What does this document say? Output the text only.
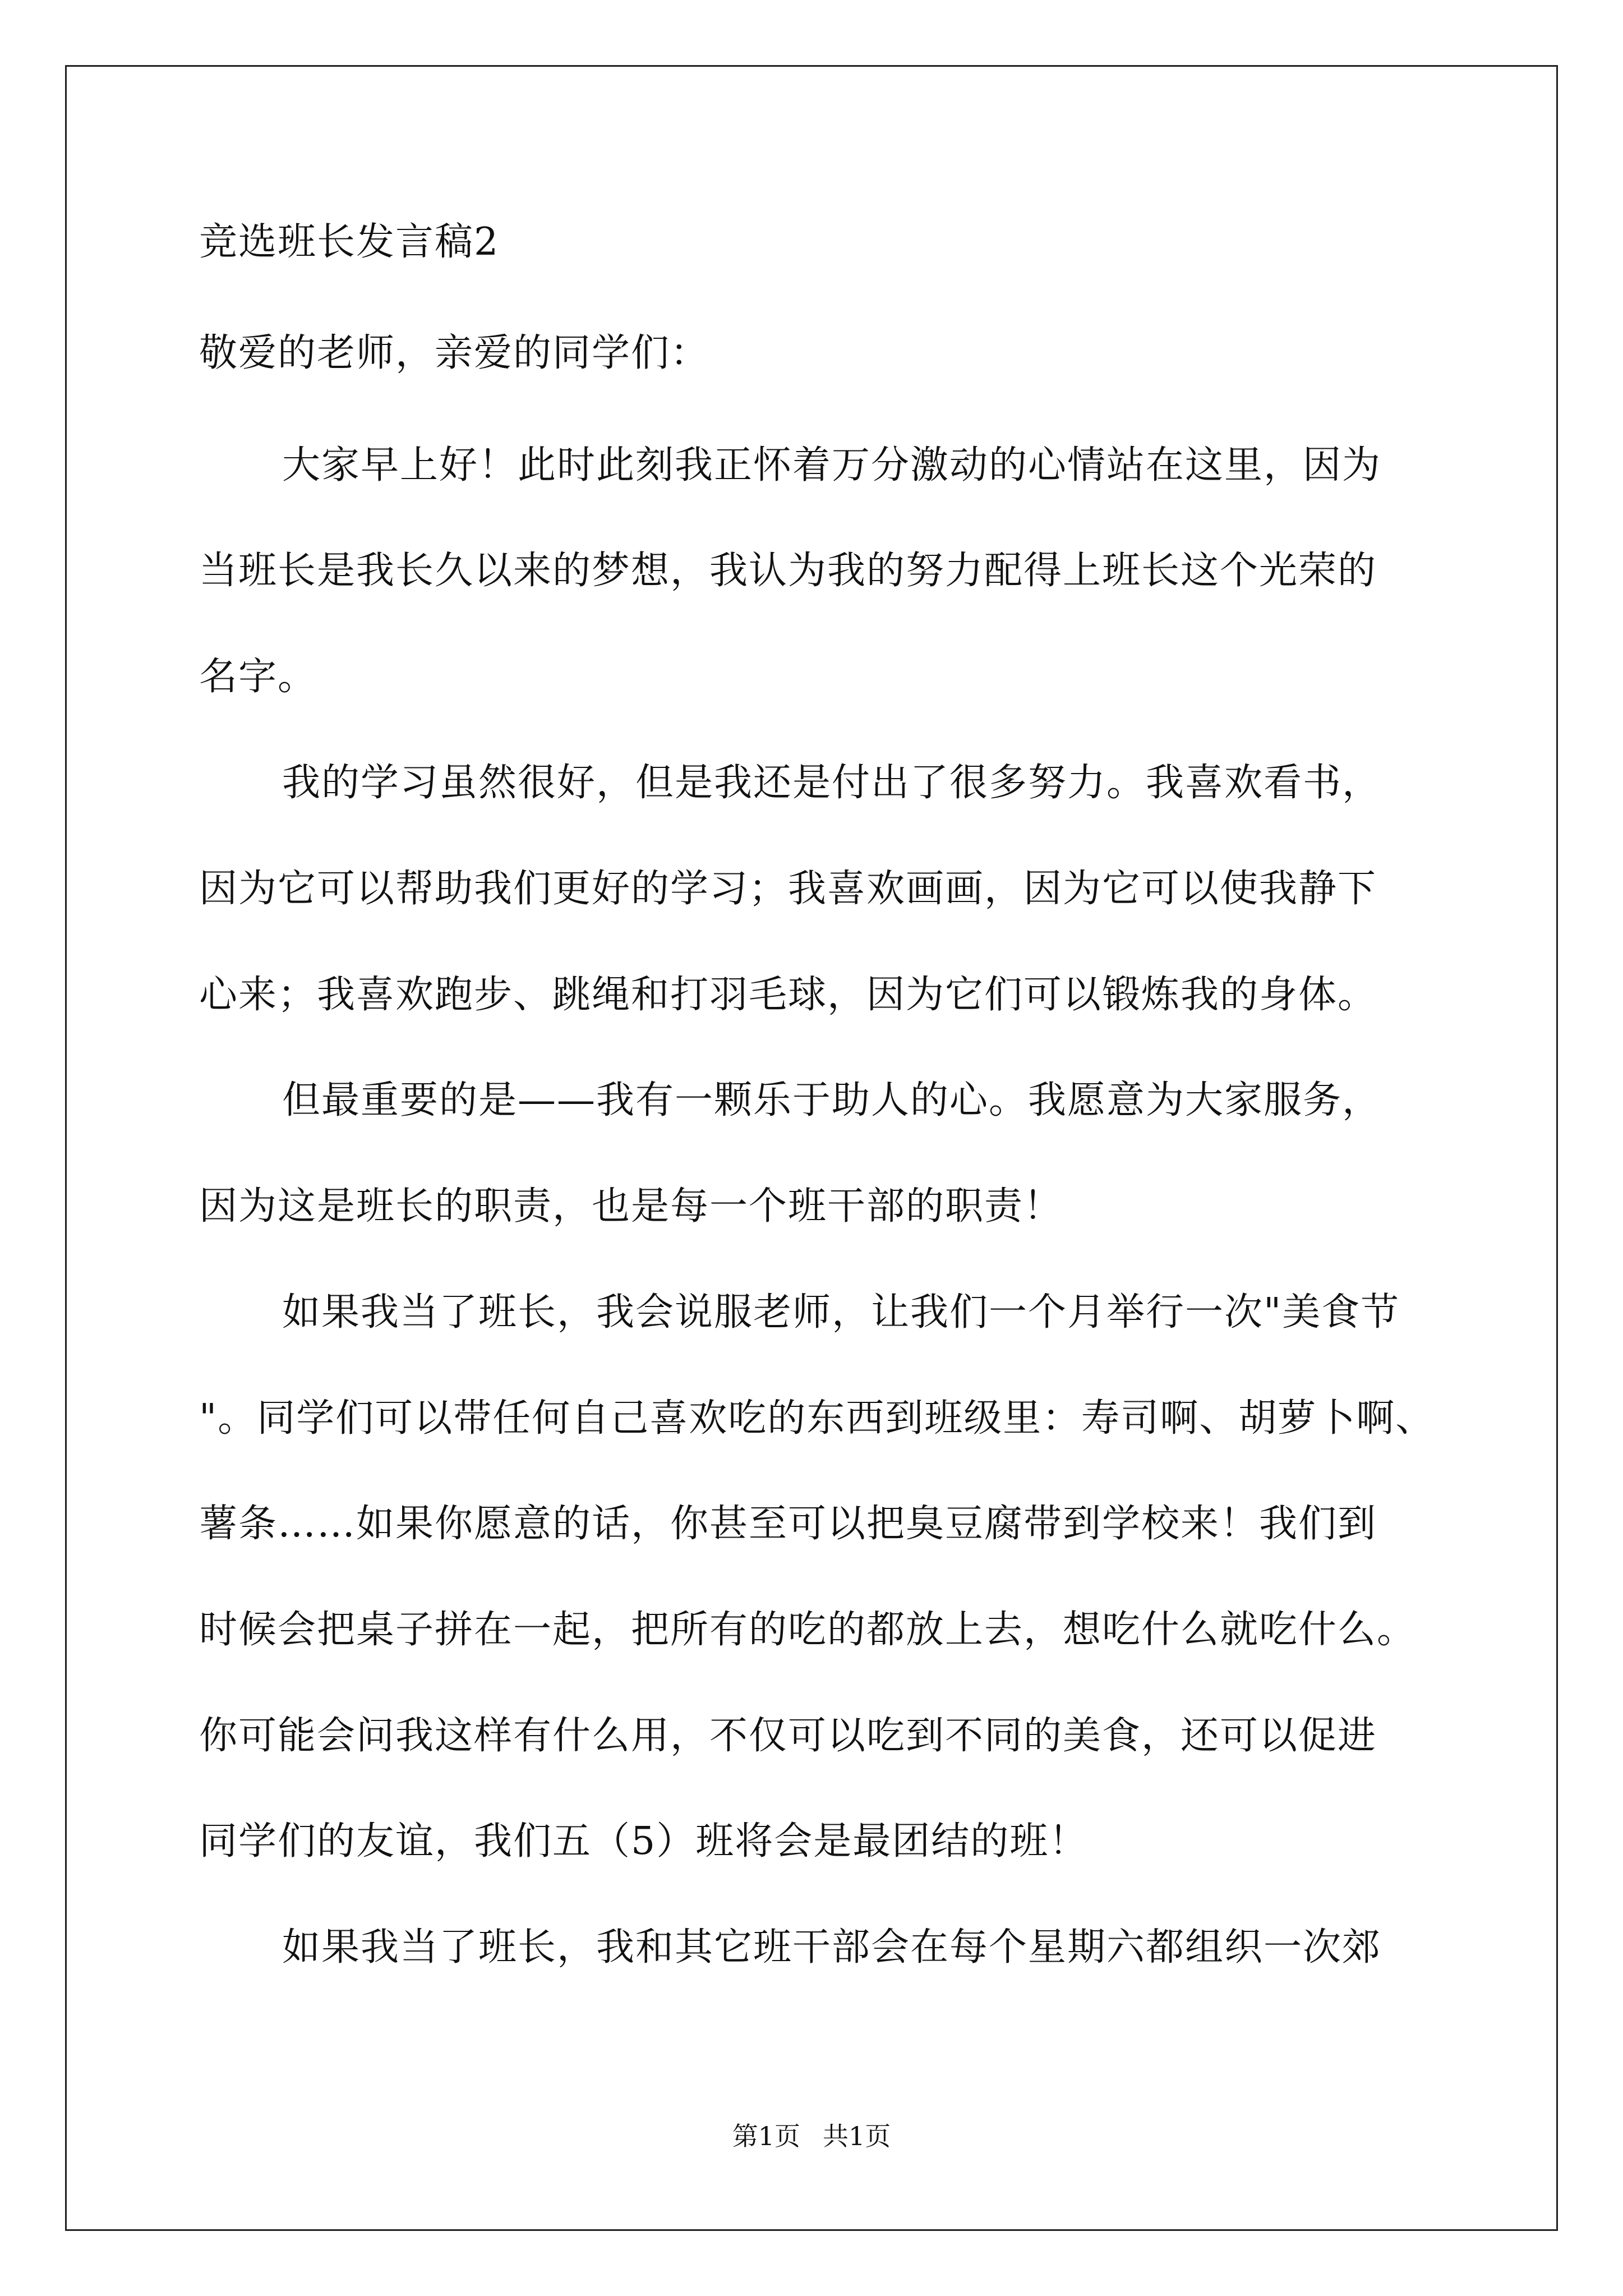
竞选班长发言稿2
敬爱的老师，亲爱的同学们：
大家早上好！此时此刻我正怀着万分激动的心情站在这里，因为
当班长是我长久以来的梦想，我认为我的努力配得上班长这个光荣的
名字。
我的学习虽然很好，但是我还是付出了很多努力。我喜欢看书，
因为它可以帮助我们更好的学习；我喜欢画画，因为它可以使我静下
心来；我喜欢跑步、跳绳和打羽毛球，因为它们可以锻炼我的身体。
但最重要的是——我有一颗乐于助人的心。我愿意为大家服务，
因为这是班长的职责，也是每一个班干部的职责！
如果我当了班长，我会说服老师，让我们一个月举行一次"美食节
"。同学们可以带任何自己喜欢吃的东西到班级里：寿司啊、胡萝卜啊、
薯条……如果你愿意的话，你甚至可以把臭豆腐带到学校来！我们到
时候会把桌子拼在一起，把所有的吃的都放上去，想吃什么就吃什么。
你可能会问我这样有什么用，不仅可以吃到不同的美食，还可以促进
同学们的友谊，我们五（5）班将会是最团结的班！
如果我当了班长，我和其它班干部会在每个星期六都组织一次郊
第1页 共1页
